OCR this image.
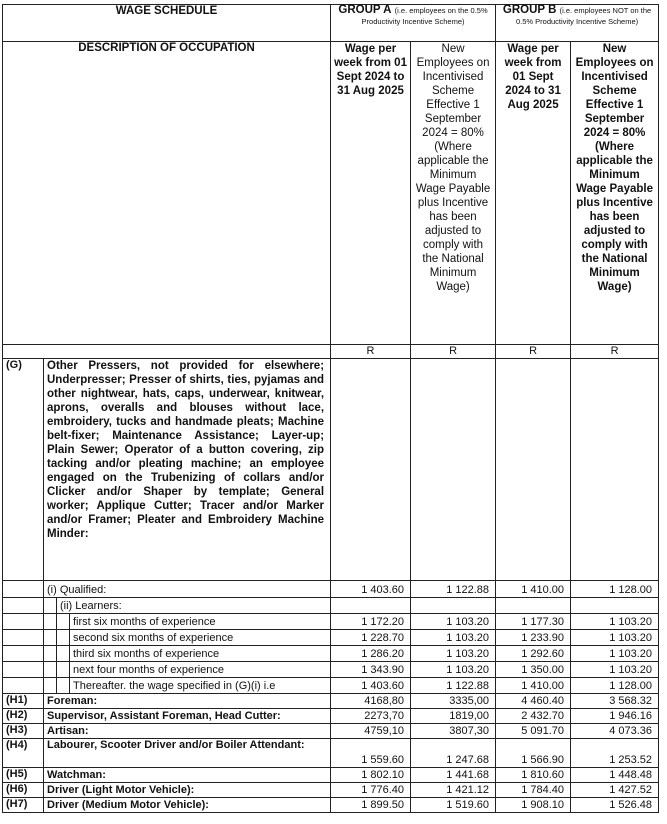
WAGE SCHEDULE				GROUP A (i.e. employees on the 0.5% Productivity Incentive Scheme)		GROUP B (i.e. employees NOT on the 0.5% Productivity Incentive Scheme)	
DESCRIPTION OF OCCUPATION				Wage per week from 01 Sept 2024 to 31 Aug 2025	New Employees on Incentivised Scheme Effective 1 September 2024 = 80% (Where applicable the Minimum Wage Payable plus Incentive has been adjusted to comply with the National Minimum Wage)	Wage per week from 01 Sept 2024 to 31 Aug 2025	New Employees on Incentivised Scheme Effective 1 September 2024 = 80% (Where applicable the Minimum Wage Payable plus Incentive has been adjusted to comply with the National Minimum Wage)
				R	R	R	R
(G)	Other Pressers, not provided for elsewhere; Underpresser; Presser of shirts, ties, pyjamas and other nightwear, hats, caps, underwear, knitwear, aprons, overalls and blouses without lace, embroidery, tucks and handmade pleats; Machine belt-fixer; Maintenance Assistance; Layer-up; Plain Sewer; Operator of a button covering, zip tacking and/or pleating machine; an employee engaged on the Trubenizing of collars and/or Clicker and/or Shaper by template; General worker; Applique Cutter; Tracer and/or Marker and/or Framer; Pleater and Embroidery Machine Minder:						
	(i) Qualified:			1 403.60	1 122.88	1 410.00	1 128.00
		(ii) Learners:					
			first six months of experience	1 172.20	1 103.20	1 177.30	1 103.20
			second six months of experience	1 228.70	1 103.20	1 233.90	1 103.20
			third six months of experience	1 286.20	1 103.20	1 292.60	1 103.20
			next four months of experience	1 343.90	1 103.20	1 350.00	1 103.20
			Thereafter. the wage specified in (G)(i) i.e	1 403.60	1 122.88	1 410.00	1 128.00
(H1)	Foreman:			4168,80	3335,00	4 460.40	3 568.32
(H2)	Supervisor, Assistant Foreman, Head Cutter:			2273,70	1819,00	2 432.70	1 946.16
(H3)	Artisan:			4759,10	3807,30	5 091.70	4 073.36
(H4)	Labourer, Scooter Driver and/or Boiler Attendant:			1 559.60	1 247.68	1 566.90	1 253.52
(H5)	Watchman:			1 802.10	1 441.68	1 810.60	1 448.48
(H6)	Driver (Light Motor Vehicle):			1 776.40	1 421.12	1 784.40	1 427.52
(H7)	Driver (Medium Motor Vehicle):			1 899.50	1 519.60	1 908.10	1 526.48
